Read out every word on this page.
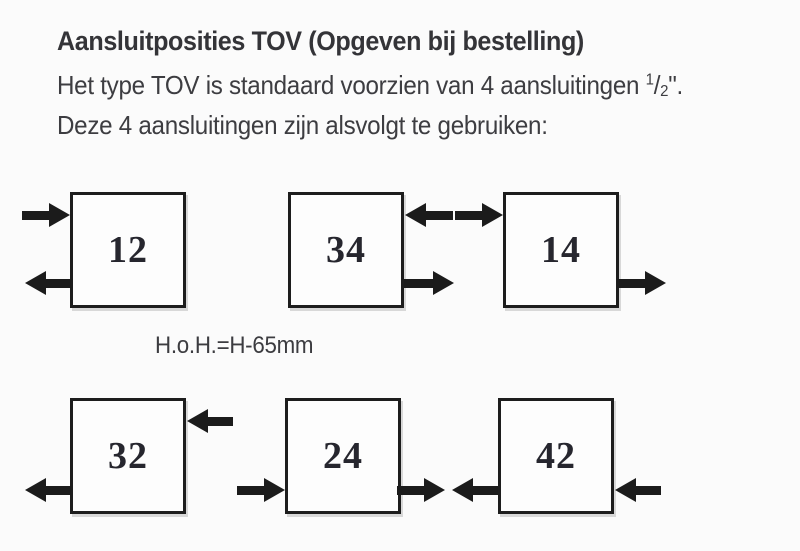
Aansluitposities TOV (Opgeven bij bestelling)
Het type TOV is standaard voorzien van 4 aansluitingen $^1/_2$".
Deze 4 aansluitingen zijn alsvolgt te gebruiken:
H.o.H.=H-65mm
12	34	14
32	24	42
